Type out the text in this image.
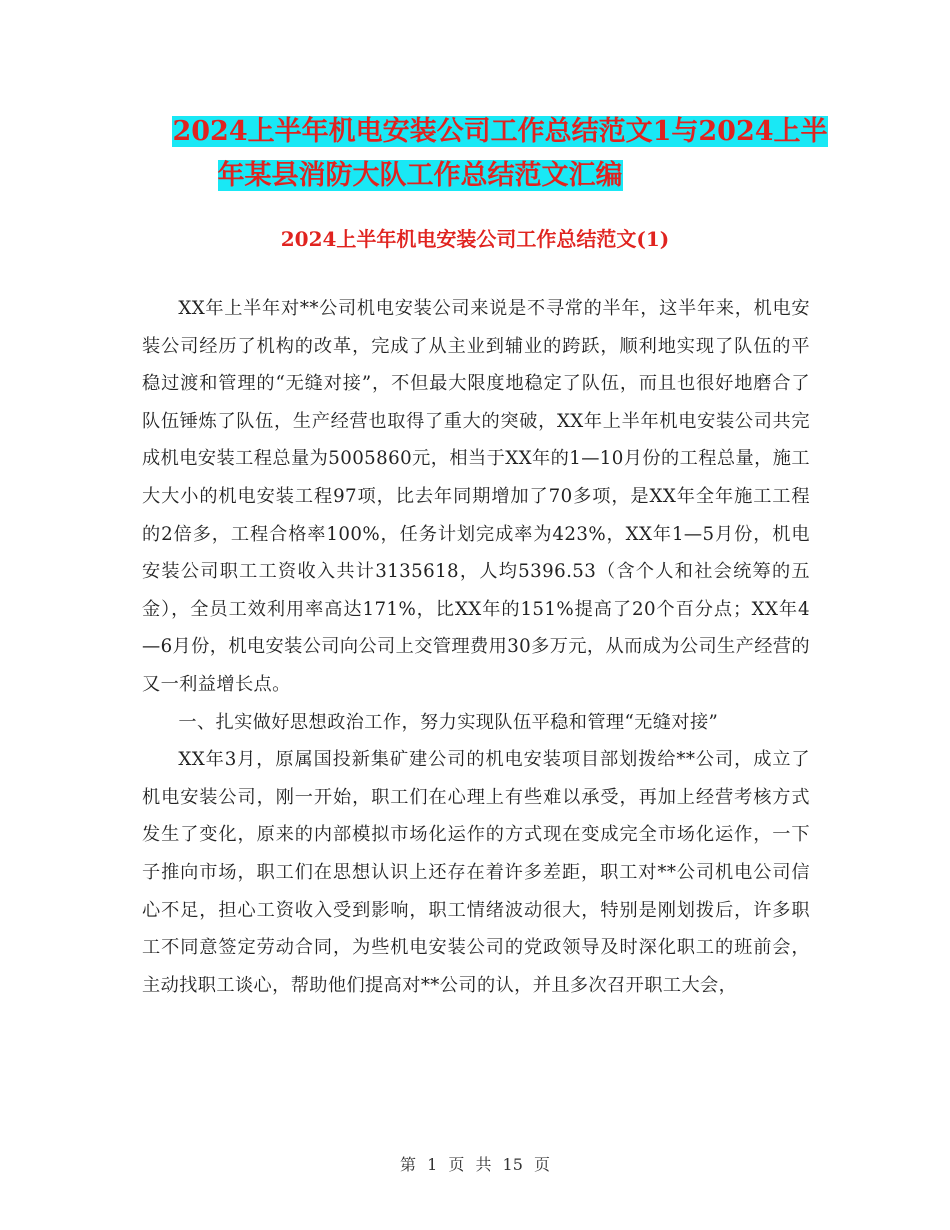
2024上半年机电安装公司工作总结范文1与2024上半
年某县消防大队工作总结范文汇编
2024上半年机电安装公司工作总结范文(1)

XX年上半年对**公司机电安装公司来说是不寻常的半年，这半年来，机电安装公司经历了机构的改革，完成了从主业到辅业的跨跃，顺利地实现了队伍的平稳过渡和管理的“无缝对接”，不但最大限度地稳定了队伍，而且也很好地磨合了队伍锤炼了队伍，生产经营也取得了重大的突破，XX年上半年机电安装公司共完成机电安装工程总量为5005860元，相当于XX年的1—10月份的工程总量，施工大大小的机电安装工程97项，比去年同期增加了70多项，是XX年全年施工工程的2倍多，工程合格率100%，任务计划完成率为423%，XX年1—5月份，机电安装公司职工工资收入共计3135618，人均5396.53（含个人和社会统筹的五金），全员工效利用率高达171%，比XX年的151%提高了20个百分点；XX年4—6月份，机电安装公司向公司上交管理费用30多万元，从而成为公司生产经营的又一利益增长点。

一、扎实做好思想政治工作，努力实现队伍平稳和管理“无缝对接”

XX年3月，原属国投新集矿建公司的机电安装项目部划拨给**公司，成立了机电安装公司，刚一开始，职工们在心理上有些难以承受，再加上经营考核方式发生了变化，原来的内部模拟市场化运作的方式现在变成完全市场化运作，一下子推向市场，职工们在思想认识上还存在着许多差距，职工对**公司机电公司信心不足，担心工资收入受到影响，职工情绪波动很大，特别是刚划拨后，许多职工不同意签定劳动合同，为些机电安装公司的党政领导及时深化职工的班前会，主动找职工谈心，帮助他们提高对**公司的认，并且多次召开职工大会，

第 1 页 共 15 页
